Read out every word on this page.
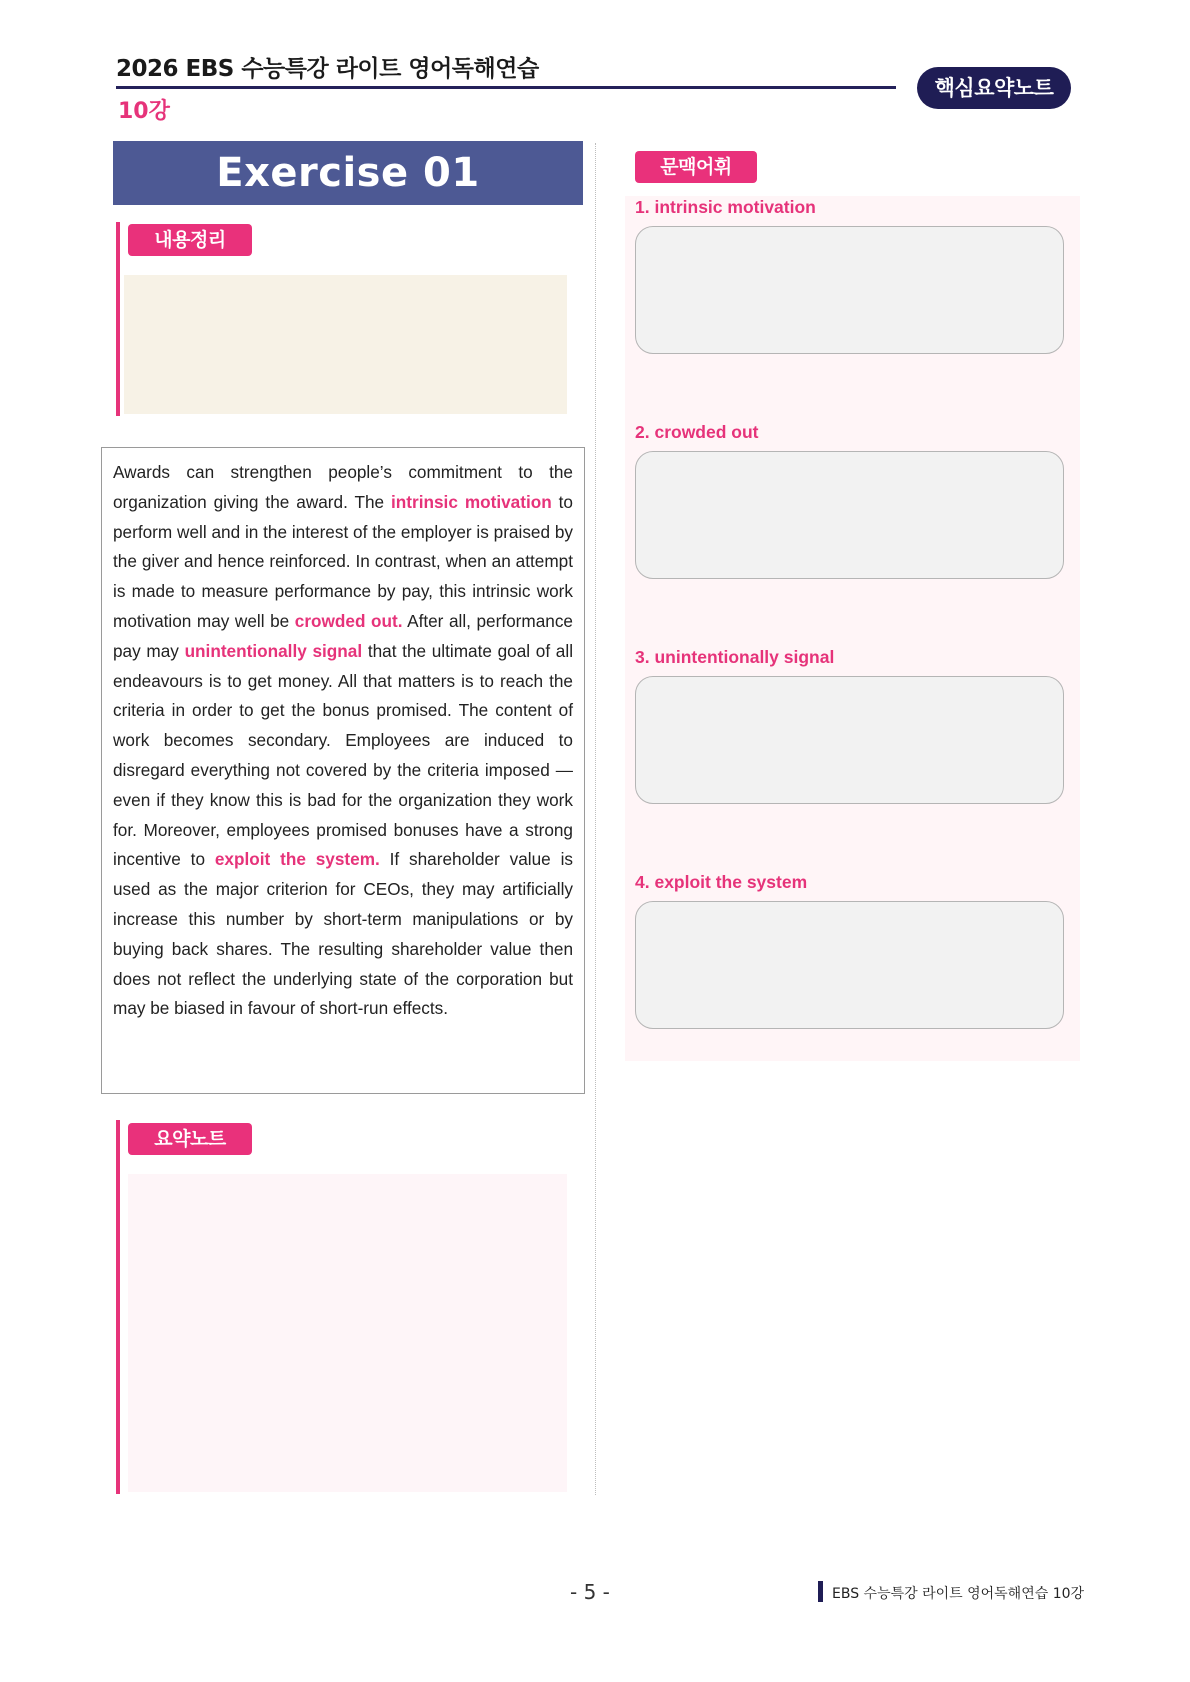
2026 EBS 수능특강 라이트 영어독해연습
10강
핵심요약노트
Exercise 01
내용정리
Awards can strengthen people’s commitment to the organization giving the award. The intrinsic motivation to perform well and in the interest of the employer is praised by the giver and hence reinforced. In contrast, when an attempt is made to measure performance by pay, this intrinsic work motivation may well be crowded out. After all, performance pay may unintentionally signal that the ultimate goal of all endeavours is to get money. All that matters is to reach the criteria in order to get the bonus promised. The content of work becomes secondary. Employees are induced to disregard everything not covered by the criteria imposed — even if they know this is bad for the organization they work for. Moreover, employees promised bonuses have a strong incentive to exploit the system. If shareholder value is used as the major criterion for CEOs, they may artificially increase this number by short-term manipulations or by buying back shares. The resulting shareholder value then does not reflect the underlying state of the corporation but may be biased in favour of short-run effects.
요약노트
문맥어휘
1. intrinsic motivation
2. crowded out
3. unintentionally signal
4. exploit the system
- 5 -	EBS 수능특강 라이트 영어독해연습 10강
